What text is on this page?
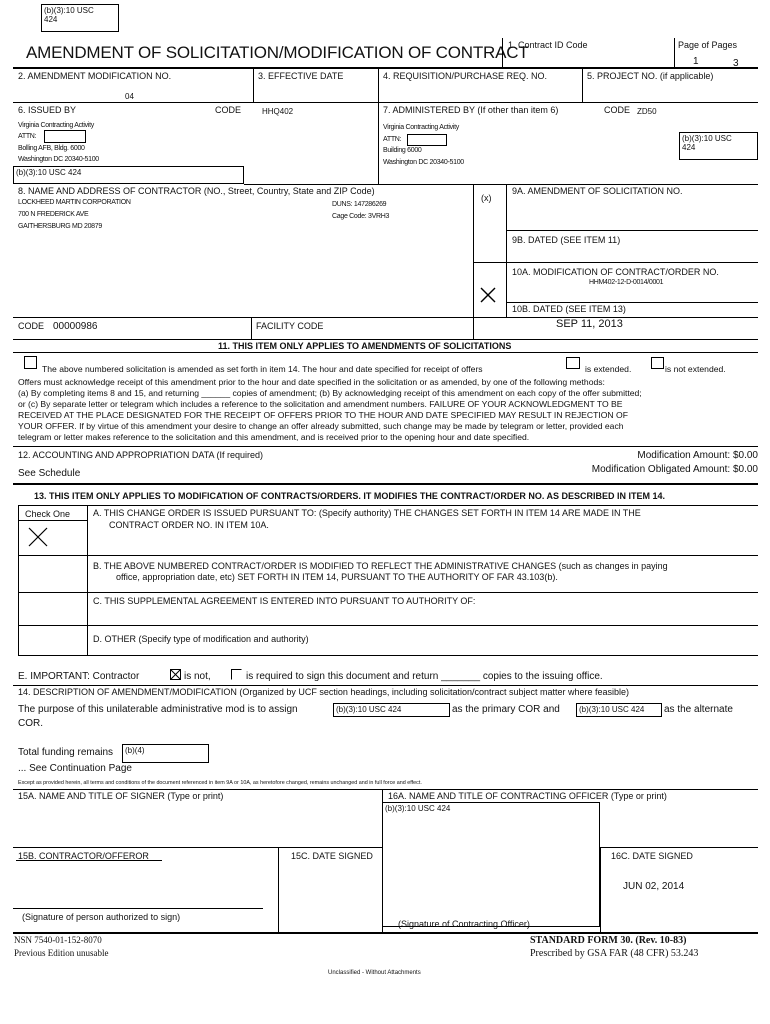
(b)(3):10 USC
424
AMENDMENT OF SOLICITATION/MODIFICATION OF CONTRACT
1. Contract ID Code	Page of Pages
1	3
2. AMENDMENT MODIFICATION NO.
04
3. EFFECTIVE DATE	4. REQUISITION/PURCHASE REQ. NO.	5. PROJECT NO. (if applicable)
6. ISSUED BY	CODE	HHQ402
Virginia Contracting Activity
ATTN:
Bolling AFB, Bldg. 6000
Washington DC 20340-5100
(b)(3):10 USC 424
7. ADMINISTERED BY (If other than item 6)	CODE ZD50
Virginia Contracting Activity
ATTN:
Building 6000
Washington DC 20340-5100
(b)(3):10 USC
424
8. NAME AND ADDRESS OF CONTRACTOR (NO., Street, Country, State and ZIP Code)
LOCKHEED MARTIN CORPORATION
700 N FREDERICK AVE
GAITHERSBURG MD 20879
DUNS: 147286269
Cage Code: 3VRH3
(x)
9A. AMENDMENT OF SOLICITATION NO.
9B. DATED (SEE ITEM 11)
10A. MODIFICATION OF CONTRACT/ORDER NO.
HHM402-12-D-0014/0001
10B. DATED (SEE ITEM 13)
SEP 11, 2013
CODE 00000986	FACILITY CODE
11. THIS ITEM ONLY APPLIES TO AMENDMENTS OF SOLICITATIONS
The above numbered solicitation is amended as set forth in item 14. The hour and date specified for receipt of offers	is extended.	is not extended.
Offers must acknowledge receipt of this amendment prior to the hour and date specified in the solicitation or as amended, by one of the following methods:
(a) By completing items 8 and 15, and returning ______ copies of amendment; (b) By acknowledging receipt of this amendment on each copy of the offer submitted;
or (c) By separate letter or telegram which includes a reference to the solicitation and amendment numbers. FAILURE OF YOUR ACKNOWLEDGMENT TO BE
RECEIVED AT THE PLACE DESIGNATED FOR THE RECEIPT OF OFFERS PRIOR TO THE HOUR AND DATE SPECIFIED MAY RESULT IN REJECTION OF
YOUR OFFER. If by virtue of this amendment your desire to change an offer already submitted, such change may be made by telegram or letter, provided each
telegram or letter makes reference to the solicitation and this amendment, and is received prior to the opening hour and date specified.
12. ACCOUNTING AND APPROPRIATION DATA (If required)
See Schedule
Modification Amount: $0.00
Modification Obligated Amount: $0.00
13. THIS ITEM ONLY APPLIES TO MODIFICATION OF CONTRACTS/ORDERS. IT MODIFIES THE CONTRACT/ORDER NO. AS DESCRIBED IN ITEM 14.
Check One	A. THIS CHANGE ORDER IS ISSUED PURSUANT TO: (Specify authority) THE CHANGES SET FORTH IN ITEM 14 ARE MADE IN THE
CONTRACT ORDER NO. IN ITEM 10A.
B. THE ABOVE NUMBERED CONTRACT/ORDER IS MODIFIED TO REFLECT THE ADMINISTRATIVE CHANGES (such as changes in paying
office, appropriation date, etc) SET FORTH IN ITEM 14, PURSUANT TO THE AUTHORITY OF FAR 43.103(b).
C. THIS SUPPLEMENTAL AGREEMENT IS ENTERED INTO PURSUANT TO AUTHORITY OF:
D. OTHER (Specify type of modification and authority)
E. IMPORTANT: Contractor	is not,	is required to sign this document and return _______ copies to the issuing office.
14. DESCRIPTION OF AMENDMENT/MODIFICATION (Organized by UCF section headings, including solicitation/contract subject matter where feasible)
The purpose of this unilaterable administrative mod is to assign	(b)(3):10 USC 424	as the primary COR and	(b)(3):10 USC 424	as the alternate
COR.
Total funding remains	(b)(4)
... See Continuation Page
Except as provided herein, all terms and conditions of the document referenced in item 9A or 10A, as heretofore changed, remains unchanged and in full force and effect.
15A. NAME AND TITLE OF SIGNER (Type or print)	16A. NAME AND TITLE OF CONTRACTING OFFICER (Type or print)
(b)(3):10 USC 424
15B. CONTRACTOR/OFFEROR	15C. DATE SIGNED	16C. DATE SIGNED
JUN 02, 2014
(Signature of person authorized to sign)
(Signature of Contracting Officer)
NSN 7540-01-152-8070
Previous Edition unusable
STANDARD FORM 30. (Rev. 10-83)
Prescribed by GSA FAR (48 CFR) 53.243
Unclassified - Without Attachments
